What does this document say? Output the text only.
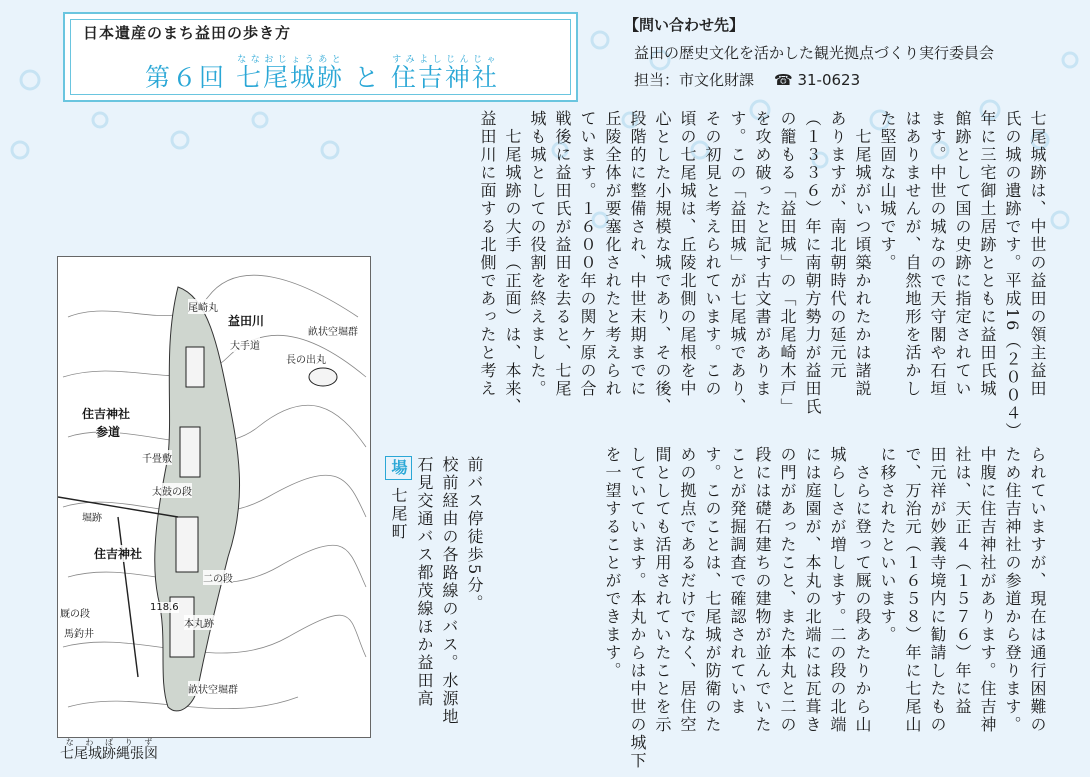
日本遺産のまち益田の歩き方
第６回 七尾城跡ななおじょうあと と 住吉神社すみよしじんじゃ
【問い合わせ先】
益田の歴史文化を活かした観光拠点づくり実行委員会
担当：市文化財課 ☎ 31-0623
七尾城跡は、中世の益田の領主益田
氏の城の遺跡です。平成16（２００４）
年に三宅御土居跡とともに益田氏城
館跡として国の史跡に指定されてい
ます。中世の城なので天守閣や石垣
はありませんが、自然地形を活かし
た堅固な山城です。
　七尾城がいつ頃築かれたかは諸説
ありますが、南北朝時代の延元元
（１３３６）年に南朝方勢力が益田氏
の籠もる「益田城」の「北尾崎木戸」
を攻め破ったと記す古文書がありま
す。この「益田城」が七尾城であり、
その初見と考えられています。この
頃の七尾城は、丘陵北側の尾根を中
心とした小規模な城であり、その後、
段階的に整備され、中世末期までに
丘陵全体が要塞化されたと考えられ
ています。１６００年の関ケ原の合
戦後に益田氏が益田を去ると、七尾
城も城としての役割を終えました。
　七尾城跡の大手（正面）は、本来、
益田川に面する北側であったと考え
られていますが、現在は通行困難の
ため住吉神社の参道から登ります。
中腹に住吉神社があります。住吉神
社は、天正４（１５７６）年に益
田元祥が妙義寺境内に勧請したもの
で、万治元（１６５８）年に七尾山
に移されたといいます。
　さらに登って厩の段あたりから山
城らしさが増します。二の段の北端
には庭園が、本丸の北端には瓦葺き
の門があったこと、また本丸と二の
段には礎石建ちの建物が並んでいた
ことが発掘調査で確認されていま
す。このことは、七尾城が防衛のた
めの拠点であるだけでなく、居住空
間としても活用されていたことを示
していています。本丸からは中世の城下
を一望することができます。
前バス停徒歩5分。
校前経由の各路線のバス。水源地
石見交通バス都茂線ほか益田高
場 七尾町
益田川
尾崎丸
大手道
畝状空堀群
長の出丸
住吉神社
参道
千畳敷
太鼓の段
堀跡
住吉神社
二の段
厩の段
馬釣井
本丸跡
畝状空堀群
118.6
七尾城跡縄張図なわばりず
